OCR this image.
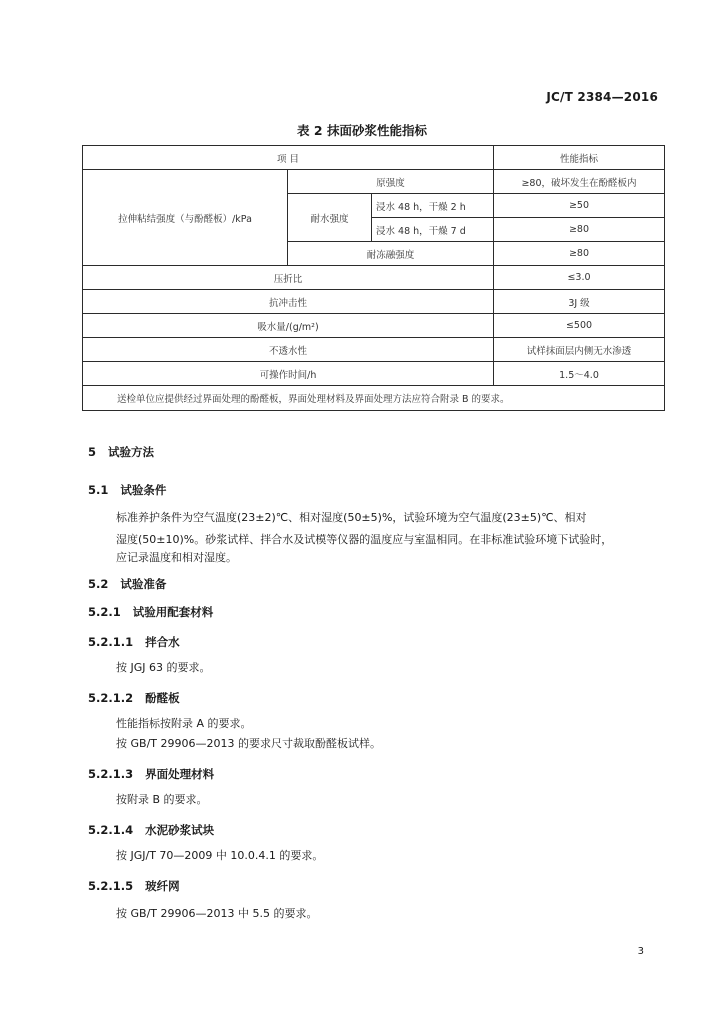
JC/T 2384—2016
表 2 抹面砂浆性能指标
项 目			性能指标
拉伸粘结强度（与酚醛板）/kPa	原强度		≥80，破坏发生在酚醛板内
	耐水强度	浸水 48 h，干燥 2 h	≥50
		浸水 48 h，干燥 7 d	≥80
	耐冻融强度		≥80
压折比			≤3.0
抗冲击性			3J 级
吸水量/(g/m²)			≤500
不透水性			试样抹面层内侧无水渗透
可操作时间/h			1.5～4.0
送检单位应提供经过界面处理的酚醛板，界面处理材料及界面处理方法应符合附录 B 的要求。			
5 试验方法
5.1 试验条件
标准养护条件为空气温度(23±2)℃、相对湿度(50±5)%，试验环境为空气温度(23±5)℃、相对
湿度(50±10)%。砂浆试样、拌合水及试模等仪器的温度应与室温相同。在非标准试验环境下试验时，
应记录温度和相对湿度。
5.2 试验准备
5.2.1 试验用配套材料
5.2.1.1 拌合水
按 JGJ 63 的要求。
5.2.1.2 酚醛板
性能指标按附录 A 的要求。
按 GB/T 29906—2013 的要求尺寸裁取酚醛板试样。
5.2.1.3 界面处理材料
按附录 B 的要求。
5.2.1.4 水泥砂浆试块
按 JGJ/T 70—2009 中 10.0.4.1 的要求。
5.2.1.5 玻纤网
按 GB/T 29906—2013 中 5.5 的要求。
3
